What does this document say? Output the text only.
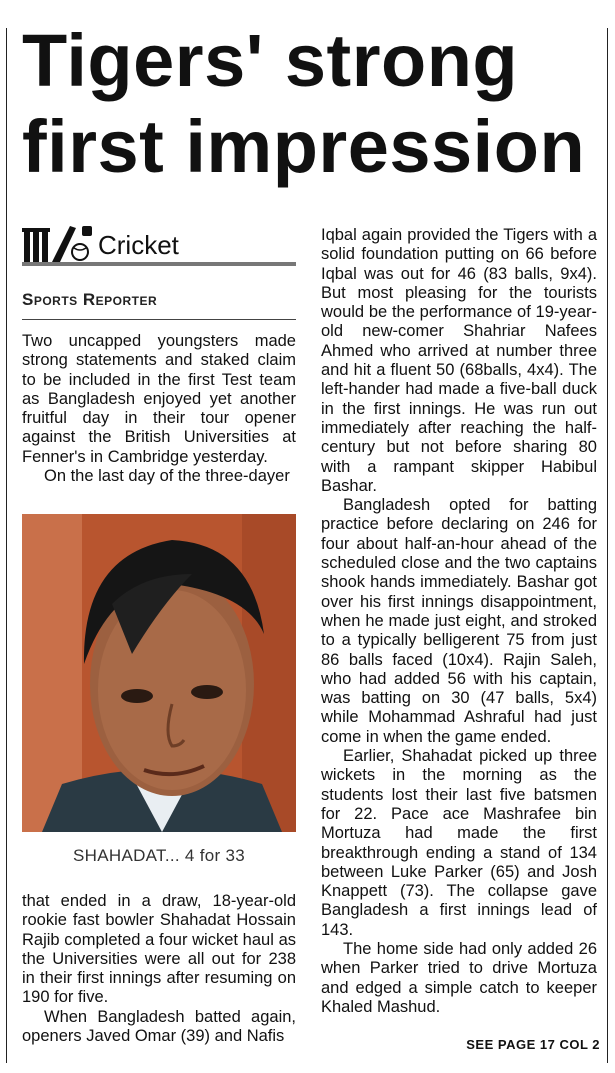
Tigers' strong first impression
Cricket
Sports Reporter

Two uncapped youngsters made strong statements and staked claim to be included in the first Test team as Bangladesh enjoyed yet another fruitful day in their tour opener against the British Universities at Fenner's in Cambridge yesterday.

On the last day of the three-dayer

SHAHADAT... 4 for 33

that ended in a draw, 18-year-old rookie fast bowler Shahadat Hossain Rajib completed a four wicket haul as the Universities were all out for 238 in their first innings after resuming on 190 for five.

When Bangladesh batted again, openers Javed Omar (39) and Nafis

Iqbal again provided the Tigers with a solid foundation putting on 66 before Iqbal was out for 46 (83 balls, 9x4). But most pleasing for the tourists would be the performance of 19-year-old new-comer Shahriar Nafees Ahmed who arrived at number three and hit a fluent 50 (68balls, 4x4). The left-hander had made a five-ball duck in the first innings. He was run out immediately after reaching the half-century but not before sharing 80 with a rampant skipper Habibul Bashar.

Bangladesh opted for batting practice before declaring on 246 for four about half-an-hour ahead of the scheduled close and the two captains shook hands immediately. Bashar got over his first innings disappointment, when he made just eight, and stroked to a typically belligerent 75 from just 86 balls faced (10x4). Rajin Saleh, who had added 56 with his captain, was batting on 30 (47 balls, 5x4) while Mohammad Ashraful had just come in when the game ended.

Earlier, Shahadat picked up three wickets in the morning as the students lost their last five batsmen for 22. Pace ace Mashrafee bin Mortuza had made the first breakthrough ending a stand of 134 between Luke Parker (65) and Josh Knappett (73). The collapse gave Bangladesh a first innings lead of 143.

The home side had only added 26 when Parker tried to drive Mortuza and edged a simple catch to keeper Khaled Mashud.

SEE PAGE 17 COL 2
